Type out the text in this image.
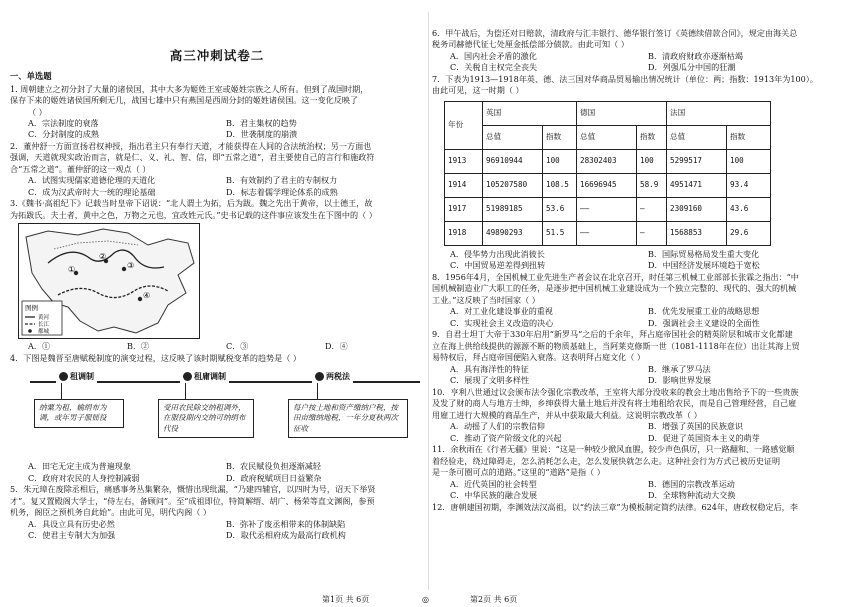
高三冲刺试卷二
一、单选题
1. 周朝建立之初分封了大量的诸侯国，其中大多为姬姓王室或姬姓宗族之人所有。但到了战国时期，
保存下来的姬姓诸侯国所剩无几，战国七雄中只有燕国是西周分封的姬姓诸侯国。这一变化反映了
（ ）
A．宗法制度的衰落	B．君主集权的趋势
C．分封制度的成熟	D．世袭制度的崩溃
2．董仲舒一方面宣扬君权神授，指出君主只有奉行天道，才能获得在人间的合法统治权；另一方面也
强调，天道就现实政治而言，就是仁、义、礼、智、信，即“五常之道”，君主要使自己的言行和施政符
合“五常之道”。董仲舒的这一观点（ ）
A．试图实现儒家道德伦理的天道化	B．有效制约了君主的专制权力
C．成为汉武帝时大一统的理论基础	D．标志着儒学理论体系的成熟
3.《魏书·高祖纪下》记载当时皇帝下诏说：“北人谓土为拓，后为跋。魏之先出于黄帝，以土德王，故
为拓跋氏。夫土者，黄中之色，万物之元也，宜改姓元氏。”史书记载的这件事应该发生在下图中的（ ）
①
②
③
④
图例
黄河
长江
都城
A．①	B．②	C．③	D．④
4．下图是魏晋至唐赋税制度的演变过程，这反映了该时期赋税变革的趋势是（ ）
租调制	租庸调制	两税法
纳粟为租，输绢布为调，或年男子服徭役
受田农民除交纳租调外，在服役期内交纳可纳绢布代役
每户按土地和资产缴纳户税，按田亩缴纳地税，一年分夏秋两次征收
A．田宅无定主成为普遍现象	B．农民赋役负担逐渐减轻
C．政府对农民的人身控制减弱	D．政府税赋项目日益繁杂
5．朱元璋在废除丞相后，痛感事务丛集繁杂，慨惜出现纰漏，“乃建四辅官，以四时为号，诏天下举贤
才”。复又置殿阁大学士，“侍左右，备顾问”。至“成祖即位，特简解缙、胡广、杨荣等直文渊阁，参预
机务，阁臣之预机务自此始”。由此可见，明代内阁（ ）
A．具设立具有历史必然	B．弥补了废丞相带来的体制缺陷
C．使君主专制大为加强	D．取代丞相府成为最高行政机构
6．甲午战后，为偿还对日赔款，清政府与汇丰银行、德华银行签订《英德续借款合同》，规定由海关总
税务司赫德代征七处厘金抵偿部分债款。由此可知（ ）
A．国内社会矛盾的激化	B．清政府财政亦逐渐枯竭
C．关税自主权完全丧失	D．列强瓜分中国的狂潮
7．下表为1913—1918年英、德、法三国对华商品贸易输出情况统计（单位：两；指数：1913年为100）。
由此可见，这一时期（ ）
年份	英国		德国		法国	
	总值	指数	总值	指数	总值	指数
1913	96910944	100	28302403	100	5299517	100
1914	105207580	108.5	16696945	58.9	4951471	93.4
1917	51989185	53.6	——	—	2309160	43.6
1918	49890293	51.5	——	—	1568853	29.6
A．侵华势力出现此消彼长	B．国际贸易格局发生重大变化
C．中国贸易逆差得到扭转	D．中国经济发展环境趋于宽松
8．1956年4月，全国机械工业先进生产者会议在北京召开，时任第三机械工业部部长张霖之指出：“中
国机械制造业广大职工的任务，是逐步把中国机械工业建设成为一个独立完整的、现代的、强大的机械
工业。”这反映了当时国家（ ）
A．对工业化建设事业的重视	B．优先发展重工业的战略思想
C．实现社会主义改造的决心	D．强调社会主义建设的全面性
9．自君士坦丁大帝于330年启用“新罗马”之后的千余年，拜占庭帝国社会的精英阶层和城市文化都建
立在海上供给线提供的源源不断的物质基础上，当阿莱克修斯一世（1081-1118年在位）出让其海上贸
易特权后，拜占庭帝国便陷入衰落。这表明拜占庭文化（ ）
A．具有海洋性的特征	B．继承了罗马法
C．展现了文明多样性	D．影响世界发展
10．亨利八世通过议会颁布法令强化宗教改革，王室将大部分没收来的教会土地出售给予下的一些贵族
及发了财的商人与地方士绅，乡绅获得大量土地后并没有将土地租给农民，而是自己管理经营，自己雇
用雇工进行大规模的商品生产，并从中获取最大利益。这说明宗教改革（ ）
A．动摇了人们的宗教信仰	B．增强了英国的民族意识
C．推动了资产阶级文化的兴起	D．促进了英国资本主义的萌芽
11．余秋雨在《行者无疆》里说：“这是一种较少掀风血腥，较少声色俱厉，只一路翻和、一路感觉顺
着经验走，绕过障碍走，怎么消耗怎么走，怎么发展快就怎么走。这种社会行为方式已被历史证明
是一条可圈可点的道路。”这里的“道路”是指（ ）
A．近代英国的社会转型	B．德国的宗教改革运动
C．中华民族的融合发展	D．全球物种流动大交换
12．唐朝建国初期，李渊效法汉高祖，以“约法三章”为模板制定简约法律。624年，唐政权稳定后，李
第1页 共 6页	◎	第2页 共 6页
